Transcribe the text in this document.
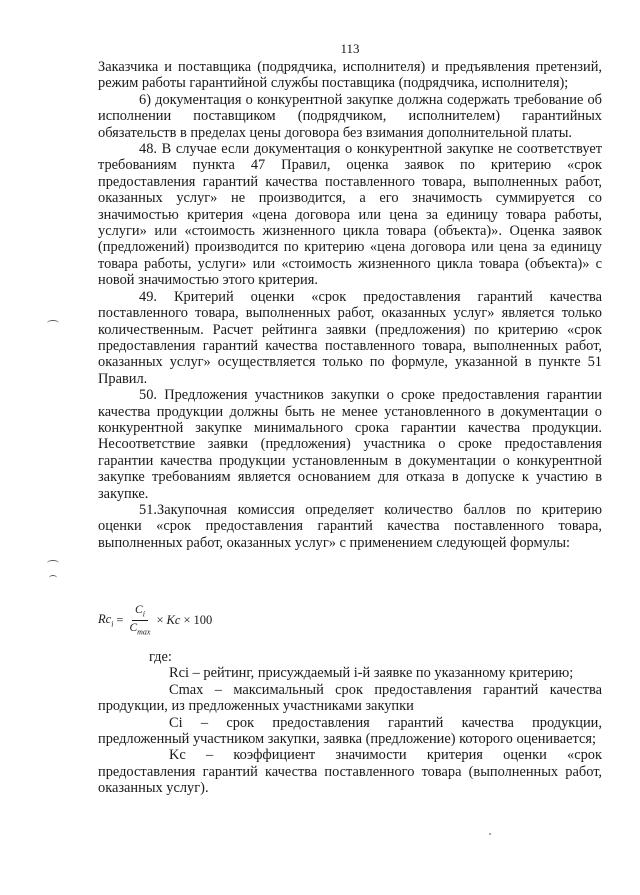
113

Заказчика и поставщика (подрядчика, исполнителя) и предъявления претензий, режим работы гарантийной службы поставщика (подрядчика, исполнителя);

6) документация о конкурентной закупке должна содержать требование об исполнении поставщиком (подрядчиком, исполнителем) гарантийных обязательств в пределах цены договора без взимания дополнительной платы.

48. В случае если документация о конкурентной закупке не соответствует требованиям пункта 47 Правил, оценка заявок по критерию «срок предоставления гарантий качества поставленного товара, выполненных работ, оказанных услуг» не производится, а его значимость суммируется со значимостью критерия «цена договора или цена за единицу товара работы, услуги» или «стоимость жизненного цикла товара (объекта)». Оценка заявок (предложений) производится по критерию «цена договора или цена за единицу товара работы, услуги» или «стоимость жизненного цикла товара (объекта)» с новой значимостью этого критерия.

49. Критерий оценки «срок предоставления гарантий качества поставленного товара, выполненных работ, оказанных услуг» является только количественным. Расчет рейтинга заявки (предложения) по критерию «срок предоставления гарантий качества поставленного товара, выполненных работ, оказанных услуг» осуществляется только по формуле, указанной в пункте 51 Правил.

50. Предложения участников закупки о сроке предоставления гарантии качества продукции должны быть не менее установленного в документации о конкурентной закупке минимального срока гарантии качества продукции. Несоответствие заявки (предложения) участника о сроке предоставления гарантии качества продукции установленным в документации о конкурентной закупке требованиям является основанием для отказа в допуске к участию в закупке.

51.Закупочная комиссия определяет количество баллов по критерию оценки «срок предоставления гарантий качества поставленного товара, выполненных работ, оказанных услуг» с применением следующей формулы:

$Rc_i = \frac{C_i}{C_{max}} \times Kc \times 100$

где:

Rci – рейтинг, присуждаемый i-й заявке по указанному критерию;

Cmax – максимальный срок предоставления гарантий качества продукции, из предложенных участниками закупки

Ci – срок предоставления гарантий качества продукции, предложенный участником закупки, заявка (предложение) которого оценивается;

Kc – коэффициент значимости критерия оценки «срок предоставления гарантий качества поставленного товара (выполненных работ, оказанных услуг).
